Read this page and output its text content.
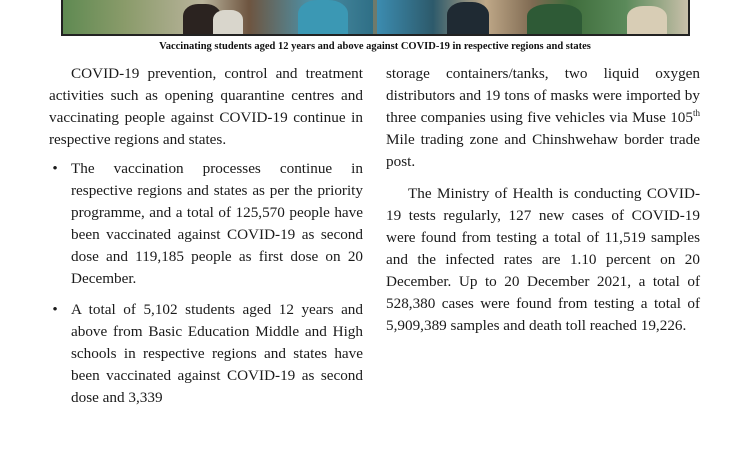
Vaccinating students aged 12 years and above against COVID-19 in respective regions and states

COVID-19 prevention, control and treatment activities such as opening quarantine centres and vaccinating people against COVID-19 continue in respective regions and states.

• The vaccination processes continue in respective regions and states as per the priority programme, and a total of 125,570 people have been vaccinated against COVID-19 as second dose and 119,185 people as first dose on 20 December.
• A total of 5,102 students aged 12 years and above from Basic Education Middle and High schools in respective regions and states have been vaccinated against COVID-19 as second dose and 3,339

storage containers/tanks, two liquid oxygen distributors and 19 tons of masks were imported by three companies using five vehicles via Muse 105th Mile trading zone and Chinshwehaw border trade post.

The Ministry of Health is conducting COVID-19 tests regularly, 127 new cases of COVID-19 were found from testing a total of 11,519 samples and the infected rates are 1.10 percent on 20 December. Up to 20 December 2021, a total of 528,380 cases were found from testing a total of 5,909,389 samples and death toll reached 19,226.
